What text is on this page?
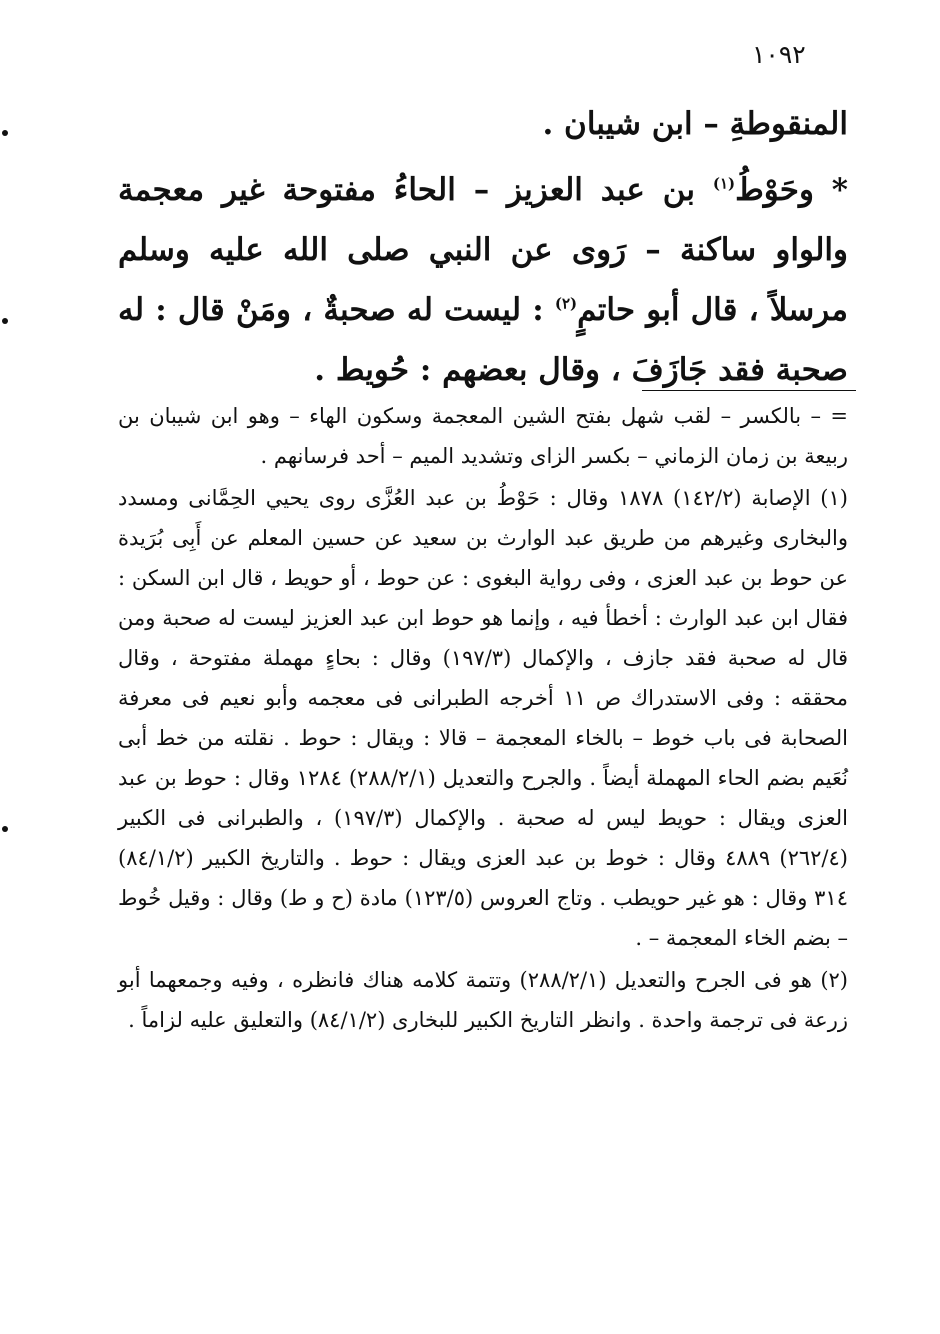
١٠٩٢

المنقوطةِ – ابن شيبان .

* وحَوْطُ$^{(١)}$ بن عبد العزيز – الحاءُ مفتوحة غير معجمة والواو ساكنة – رَوى عن النبي صلى الله عليه وسلم مرسلاً ، قال أبو حاتمٍ$^{(٢)}$ : ليست له صحبةٌ ، ومَنْ قال : له صحبة فقد جَازَفَ ، وقال بعضهم : حُويط .

= – بالكسر – لقب شهل بفتح الشين المعجمة وسكون الهاء – وهو ابن شيبان بن ربيعة بن زمان الزماني – بكسر الزاى وتشديد الميم – أحد فرسانهم .

(١) الإصابة (١٤٢/٢) ١٨٧٨ وقال : حَوْطُ بن عبد العُزَّى روى يحيي الحِمَّانى ومسدد والبخارى وغيرهم من طريق عبد الوارث بن سعيد عن حسين المعلم عن أَبِى بُرَيدة عن حوط بن عبد العزى ، وفى رواية البغوى : عن حوط ، أو حويط ، قال ابن السكن : فقال ابن عبد الوارث : أخطأ فيه ، وإنما هو حوط ابن عبد العزيز ليست له صحبة ومن قال له صحبة فقد جازف ، والإكمال (١٩٧/٣) وقال : بحاءٍ مهملة مفتوحة ، وقال محققه : وفى الاستدراك ص ١١ أخرجه الطبرانى فى معجمه وأبو نعيم فى معرفة الصحابة فى باب خوط – بالخاء المعجمة – قالا : ويقال : حوط . نقلته من خط أبى نُعَيم بضم الحاء المهملة أيضاً . والجرح والتعديل (٢٨٨/٢/١) ١٢٨٤ وقال : حوط بن عبد العزى ويقال : حويط ليس له صحبة . والإكمال (١٩٧/٣) ، والطبرانى فى الكبير (٢٦٢/٤) ٤٨٨٩ وقال : خوط بن عبد العزى ويقال : حوط . والتاريخ الكبير (٨٤/١/٢) ٣١٤ وقال : هو غير حويطب . وتاج العروس (١٢٣/٥) مادة (ح و ط) وقال : وقيل خُوط – بضم الخاء المعجمة – .

(٢) هو فى الجرح والتعديل (٢٨٨/٢/١) وتتمة كلامه هناك فانظره ، وفيه وجمعهما أبو زرعة فى ترجمة واحدة . وانظر التاريخ الكبير للبخارى (٨٤/١/٢) والتعليق عليه لزاماً .
